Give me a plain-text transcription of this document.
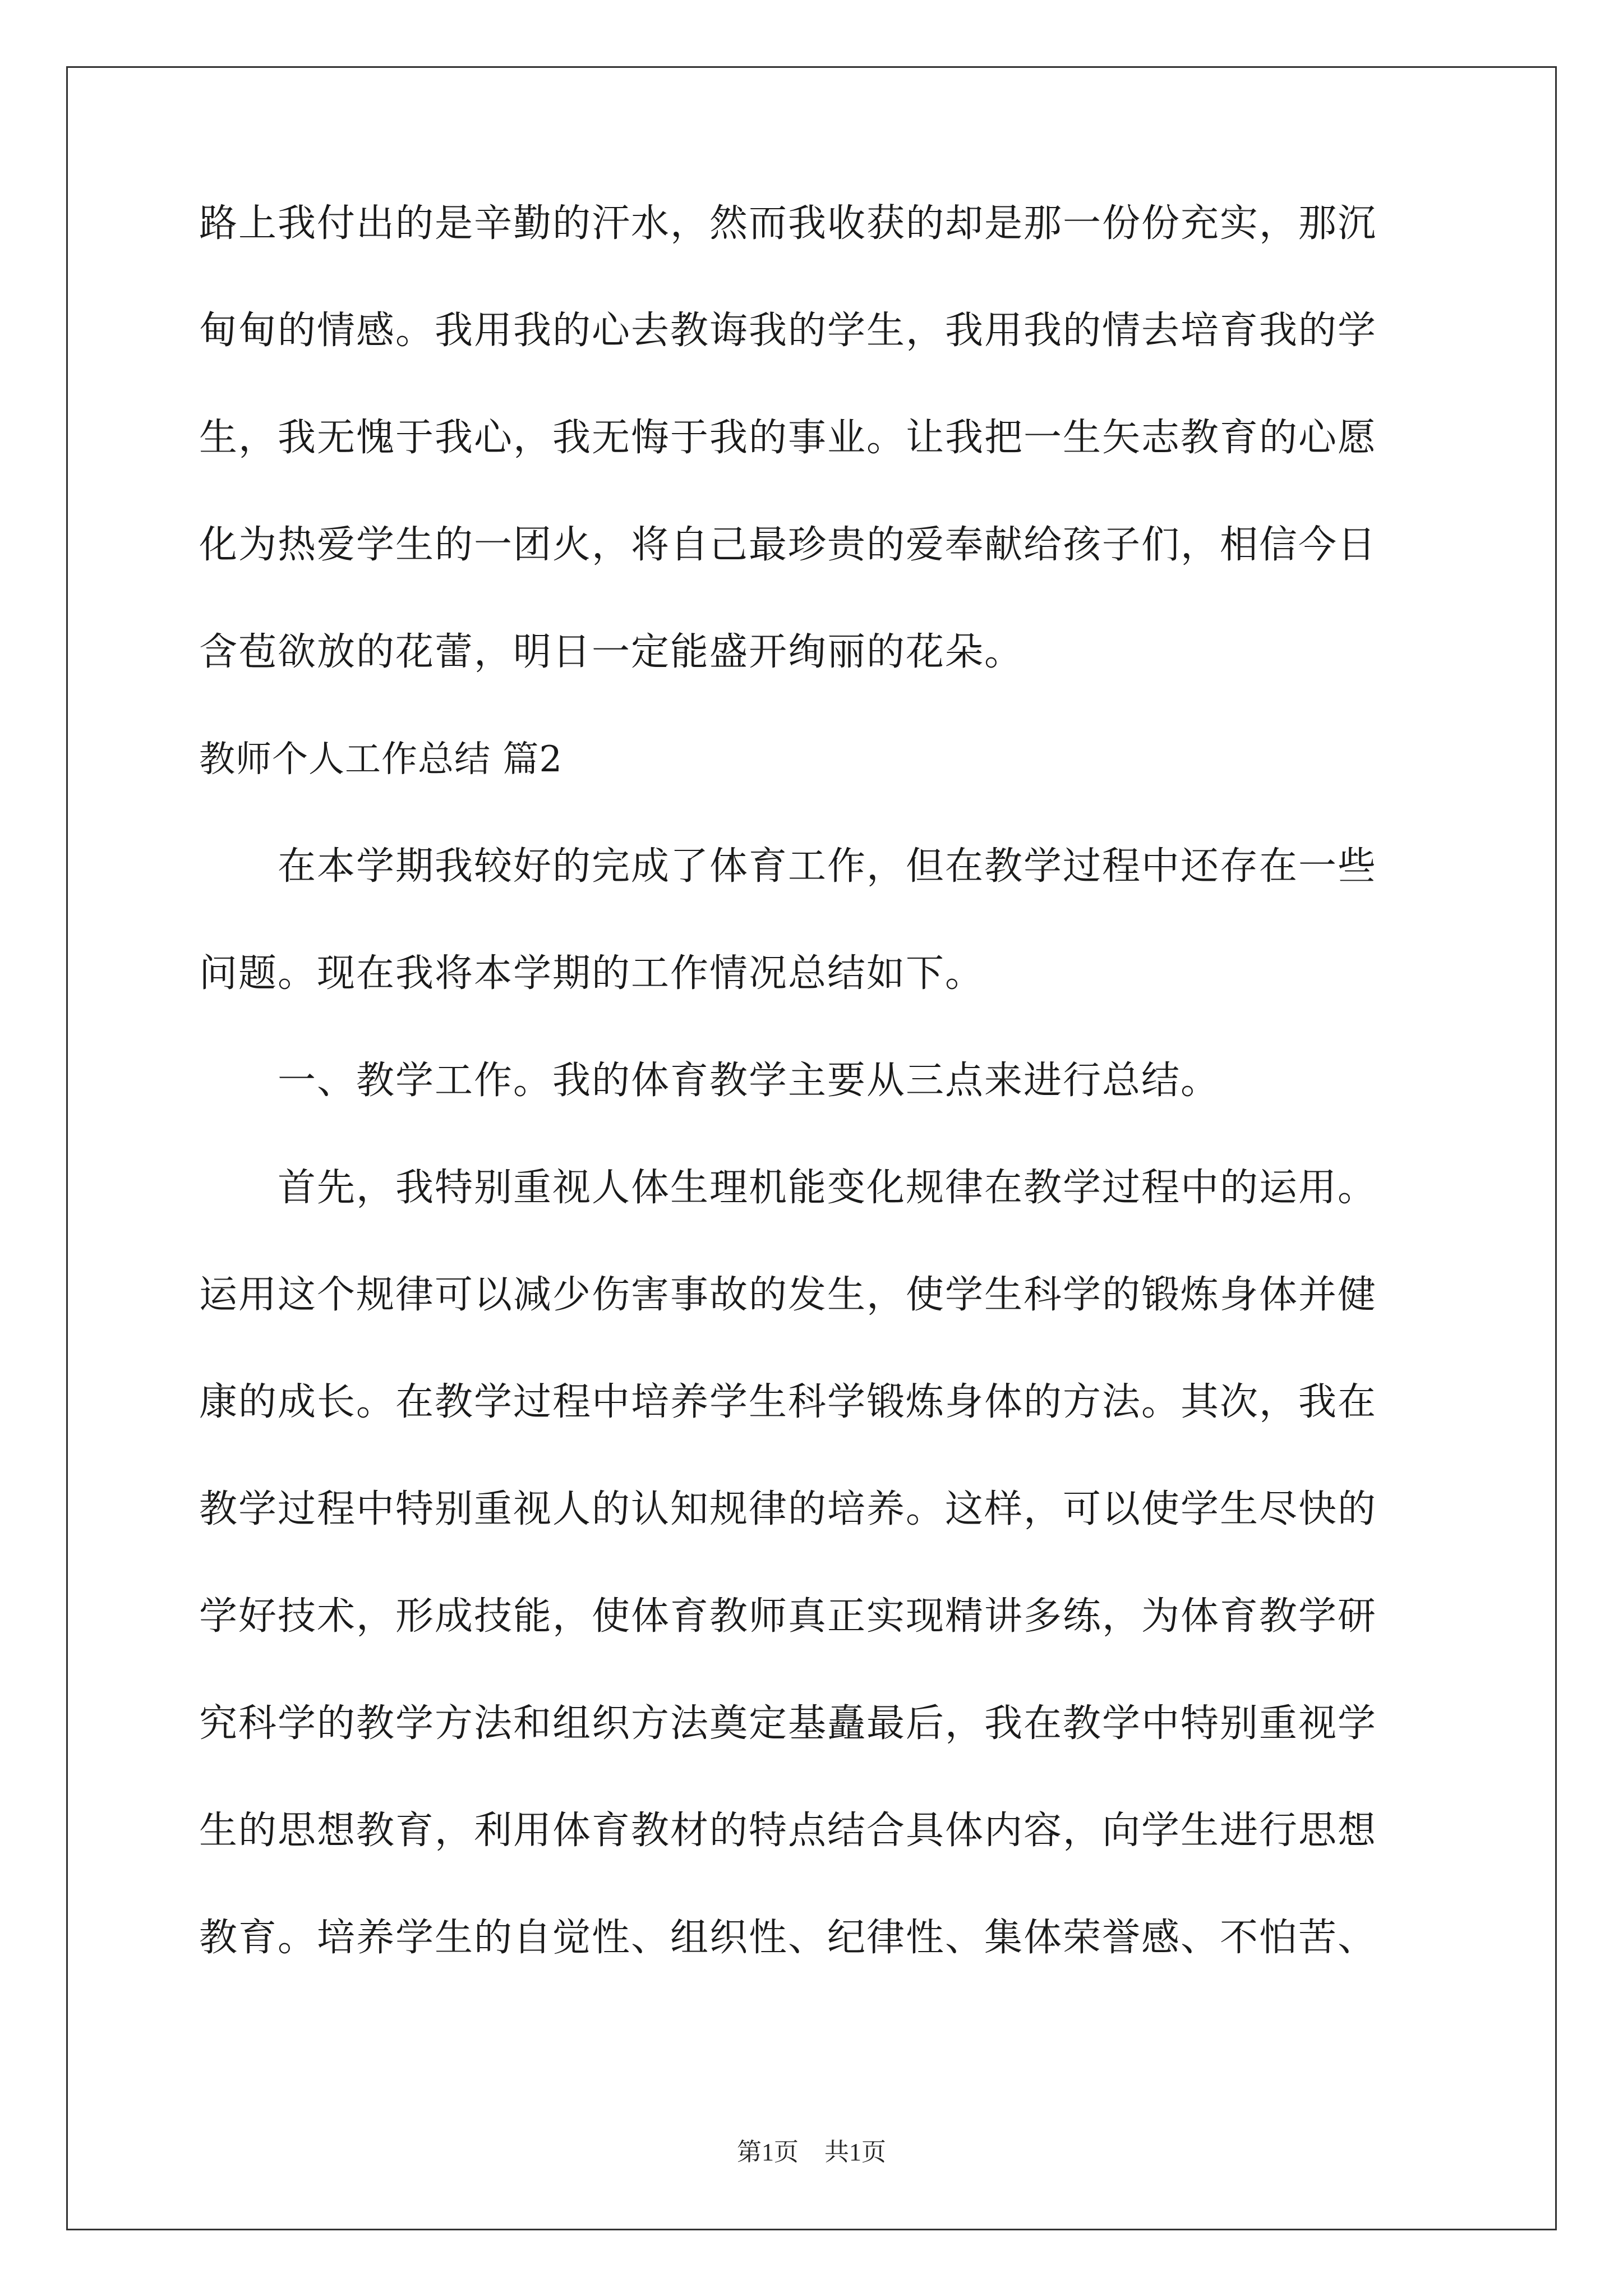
路上我付出的是辛勤的汗水，然而我收获的却是那一份份充实，那沉
甸甸的情感。我用我的心去教诲我的学生，我用我的情去培育我的学
生，我无愧于我心，我无悔于我的事业。让我把一生矢志教育的心愿
化为热爱学生的一团火，将自己最珍贵的爱奉献给孩子们，相信今日
含苞欲放的花蕾，明日一定能盛开绚丽的花朵。
教师个人工作总结 篇2
　　在本学期我较好的完成了体育工作，但在教学过程中还存在一些
问题。现在我将本学期的工作情况总结如下。
　　一、教学工作。我的体育教学主要从三点来进行总结。
　　首先，我特别重视人体生理机能变化规律在教学过程中的运用。
运用这个规律可以减少伤害事故的发生，使学生科学的锻炼身体并健
康的成长。在教学过程中培养学生科学锻炼身体的方法。其次，我在
教学过程中特别重视人的认知规律的培养。这样，可以使学生尽快的
学好技术，形成技能，使体育教师真正实现精讲多练，为体育教学研
究科学的教学方法和组织方法奠定基矗最后，我在教学中特别重视学
生的思想教育，利用体育教材的特点结合具体内容，向学生进行思想
教育。培养学生的自觉性、组织性、纪律性、集体荣誉感、不怕苦、
第1页 共1页
